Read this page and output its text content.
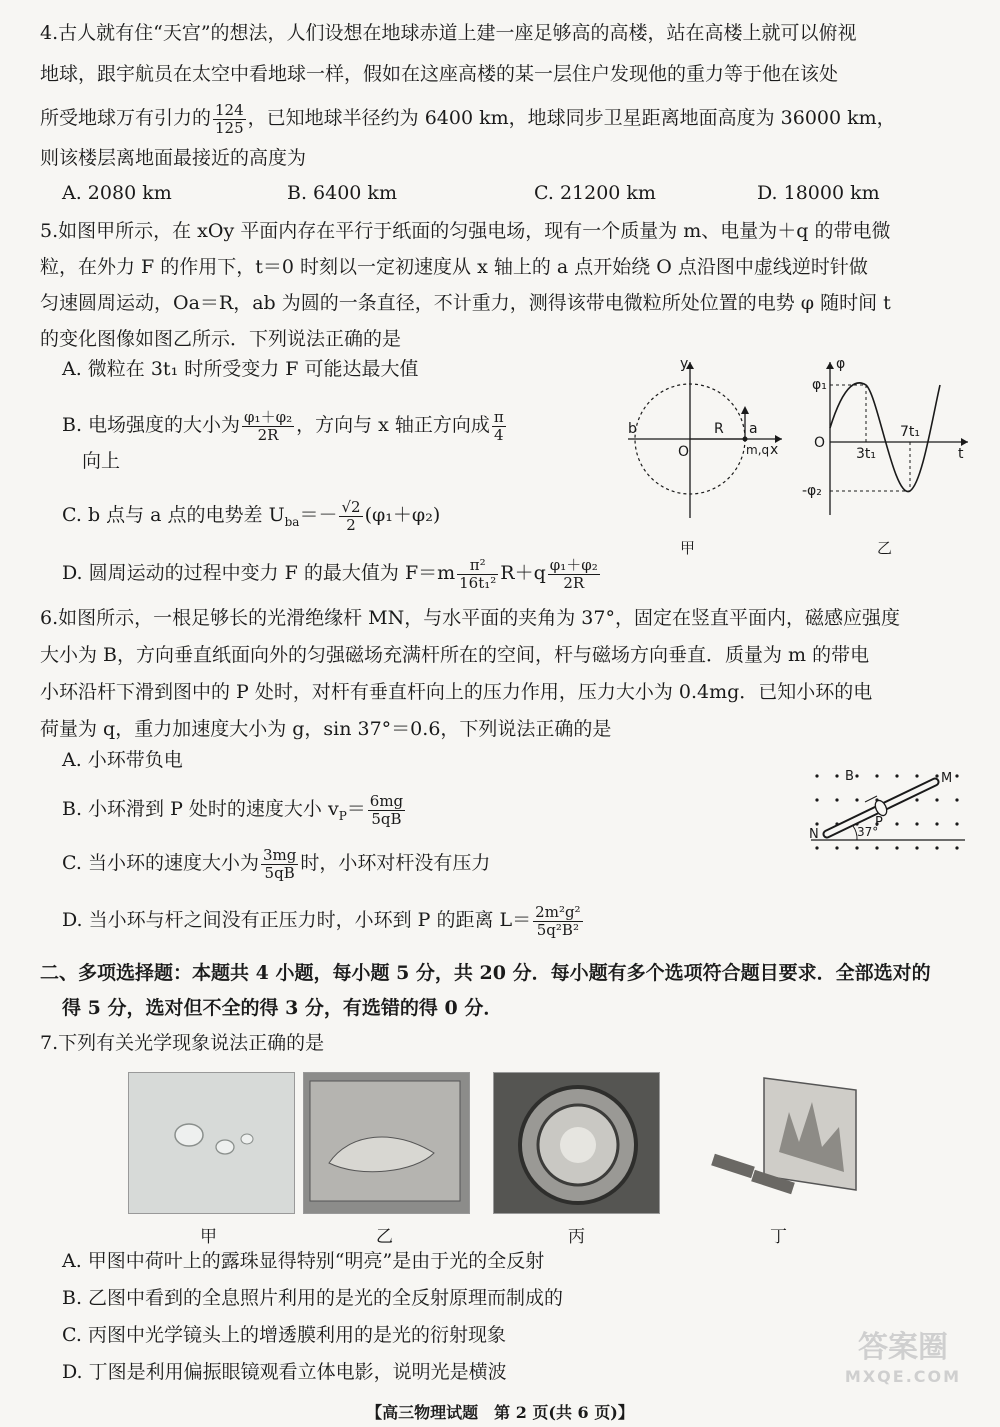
4.古人就有住“天宫”的想法，人们设想在地球赤道上建一座足够高的高楼，站在高楼上就可以俯视
地球，跟宇航员在太空中看地球一样，假如在这座高楼的某一层住户发现他的重力等于他在该处
所受地球万有引力的 $\frac{124}{125}$ ，已知地球半径约为 6400 km，地球同步卫星距离地面高度为 36000 km，
则该楼层离地面最接近的高度为
A. 2080 km	B. 6400 km	C. 21200 km	D. 18000 km
5.如图甲所示，在 xOy 平面内存在平行于纸面的匀强电场，现有一个质量为 m、电量为＋q 的带电微
粒，在外力 F 的作用下，t＝0 时刻以一定初速度从 x 轴上的 a 点开始绕 O 点沿图中虚线逆时针做
匀速圆周运动，Oa＝R，ab 为圆的一条直径，不计重力，测得该带电微粒所处位置的电势 φ 随时间 t
的变化图像如图乙所示．下列说法正确的是
A. 微粒在 3t₁ 时所受变力 F 可能达最大值
B. 电场强度的大小为 $\frac{\text{φ₁＋φ₂}}{2R}$ ，方向与 x 轴正方向成 $\frac{\pi}{4}$
向上
C. b 点与 a 点的电势差 $U_{ba}=- \frac{√2}{2} (\varphi_1+\varphi_2)$
D. 圆周运动的过程中变力 F 的最大值为 $F=m \frac{\text{π²}}{\text{16t₁²}} R+q \frac{\text{φ₁＋φ₂}}{2R}$
x
y
O
R a
b
m,q
甲
φ
φ₁
O
3t₁
7t₁
t
-φ₂
乙
6.如图所示，一根足够长的光滑绝缘杆 MN，与水平面的夹角为 37°，固定在竖直平面内，磁感应强度
大小为 B，方向垂直纸面向外的匀强磁场充满杆所在的空间，杆与磁场方向垂直．质量为 m 的带电
小环沿杆下滑到图中的 P 处时，对杆有垂直杆向上的压力作用，压力大小为 0.4mg．已知小环的电
荷量为 q，重力加速度大小为 g，sin 37°＝0.6，下列说法正确的是
A. 小环带负电
B. 小环滑到 P 处时的速度大小 $v_P= \frac{6mg}{5qB}$
C. 当小环的速度大小为 $\frac{3mg}{5qB}$ 时，小环对杆没有压力
D. 当小环与杆之间没有正压力时，小环到 P 的距离 $L= \frac{\text{2m²g²}}{\text{5q²B²}}$
B	M
N
P
37°
二、多项选择题：本题共 4 小题，每小题 5 分，共 20 分．每小题有多个选项符合题目要求．全部选对的
得 5 分，选对但不全的得 3 分，有选错的得 0 分．
7.下列有关光学现象说法正确的是
甲	乙	丙	丁
A. 甲图中荷叶上的露珠显得特别“明亮”是由于光的全反射
B. 乙图中看到的全息照片利用的是光的全反射原理而制成的
C. 丙图中光学镜头上的增透膜利用的是光的衍射现象
D. 丁图是利用偏振眼镜观看立体电影，说明光是横波
【高三物理试题　第 2 页(共 6 页)】
答案圈
MXQE.COM
